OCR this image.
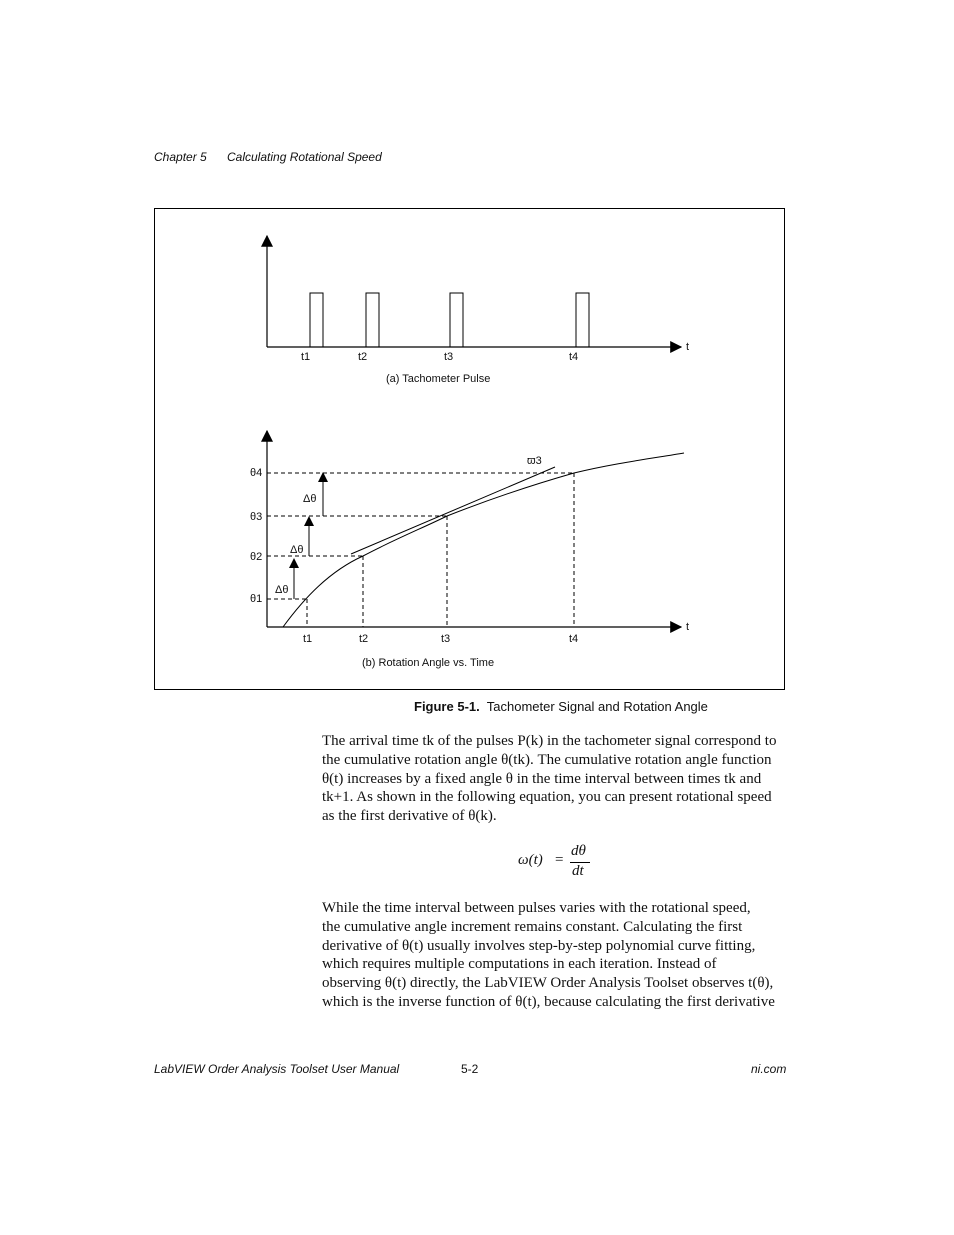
Chapter 5 Calculating Rotational Speed
t
t1	t2	t3	t4
(a) Tachometer Pulse
t
ϖ3
Δθ
Δθ
Δθ
θ4
θ3
θ2
θ1
t1	t2	t3	t4
(b) Rotation Angle vs. Time
Figure 5-1. Tachometer Signal and Rotation Angle
The arrival time tk of the pulses P(k) in the tachometer signal correspond to
the cumulative rotation angle θ(tk). The cumulative rotation angle function
θ(t) increases by a fixed angle θ in the time interval between times tk and
tk+1. As shown in the following equation, you can present rotational speed
as the first derivative of θ(k).
ω(t) =
dθ
dt
While the time interval between pulses varies with the rotational speed,
the cumulative angle increment remains constant. Calculating the first
derivative of θ(t) usually involves step-by-step polynomial curve fitting,
which requires multiple computations in each iteration. Instead of
observing θ(t) directly, the LabVIEW Order Analysis Toolset observes t(θ),
which is the inverse function of θ(t), because calculating the first derivative
LabVIEW Order Analysis Toolset User Manual	5-2	ni.com
